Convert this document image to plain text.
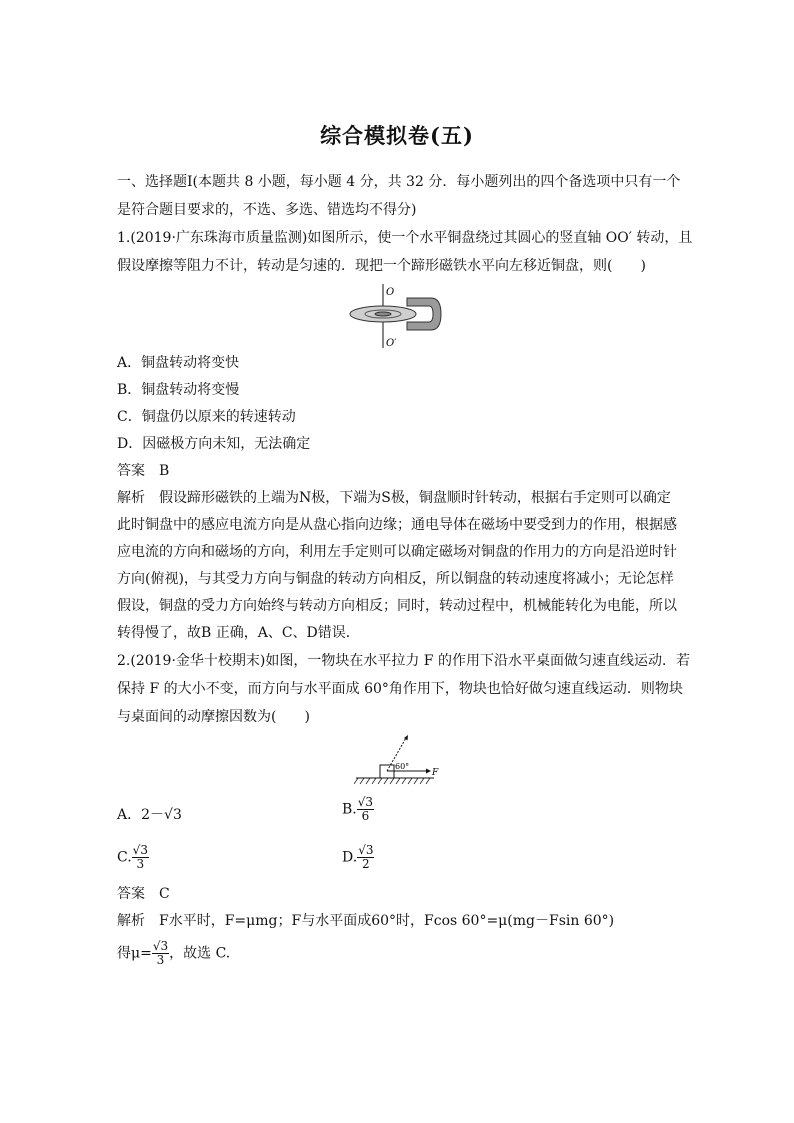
综合模拟卷(五)
一、选择题Ⅰ(本题共 8 小题，每小题 4 分，共 32 分．每小题列出的四个备选项中只有一个
是符合题目要求的，不选、多选、错选均不得分)
1.(2019·广东珠海市质量监测)如图所示，使一个水平铜盘绕过其圆心的竖直轴 OO′ 转动，且
假设摩擦等阻力不计，转动是匀速的．现把一个蹄形磁铁水平向左移近铜盘，则(　　)
O
O′
A．铜盘转动将变快
B．铜盘转动将变慢
C．铜盘仍以原来的转速转动
D．因磁极方向未知，无法确定
答案 B
解析 假设蹄形磁铁的上端为N极，下端为S极，铜盘顺时针转动，根据右手定则可以确定
此时铜盘中的感应电流方向是从盘心指向边缘；通电导体在磁场中要受到力的作用，根据感
应电流的方向和磁场的方向，利用左手定则可以确定磁场对铜盘的作用力的方向是沿逆时针
方向(俯视)，与其受力方向与铜盘的转动方向相反，所以铜盘的转动速度将减小；无论怎样
假设，铜盘的受力方向始终与转动方向相反；同时，转动过程中，机械能转化为电能，所以
转得慢了，故B 正确，A、C、D错误．
2.(2019·金华十校期末)如图，一物块在水平拉力 F 的作用下沿水平桌面做匀速直线运动．若
保持 F 的大小不变，而方向与水平面成 60°角作用下，物块也恰好做匀速直线运动．则物块
与桌面间的动摩擦因数为(　　)
60°
F
A．2－√3	B. $\frac{√3}{6}$
C. $\frac{√3}{3}$	D. $\frac{√3}{2}$
答案 C
解析 F水平时，F=μmg；F与水平面成60°时，Fcos 60°=μ(mg－Fsin 60°)
得$\mu= \frac{√3}{3}$ ，故选 C.
